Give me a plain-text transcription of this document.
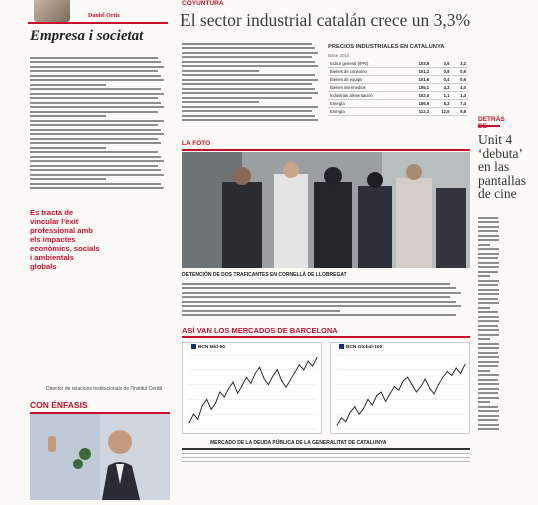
Daniel Ortiz
Empresa i societat
Es tracta de vincular l'èxit professional amb els impactes econòmics, socials i ambientals globals
Director de relacions Institucionals de l'Institut Cerdà
CON ÉNFASIS
COYUNTURA
El sector industrial catalán crece un 3,3%
PRECIOS INDUSTRIALES EN CATALUNYA
Base 2015
Índice general (IPRI)	103,8	3,6	3,2
Bienes de consumo	101,2	0,8	0,9
Bienes de equipo	101,6	0,4	0,6
Bienes intermedios	105,1	4,3	4,0
Industrias alimentación	102,0	1,1	1,3
Energía	106,9	8,3	7,4
Energía	112,3	12,5	9,8
LA FOTO
DETENCIÓN DE DOS TRAFICANTES EN CORNELLÀ DE LLOBREGAT
ASÍ VAN LOS MERCADOS DE BARCELONA
BCN Mid-50	BCN Global-100
MERCADO DE LA DEUDA PÚBLICA DE LA GENERALITAT DE CATALUNYA

DETRÁS
Unit 4 ‘debuta’ en las pantallas de cine
